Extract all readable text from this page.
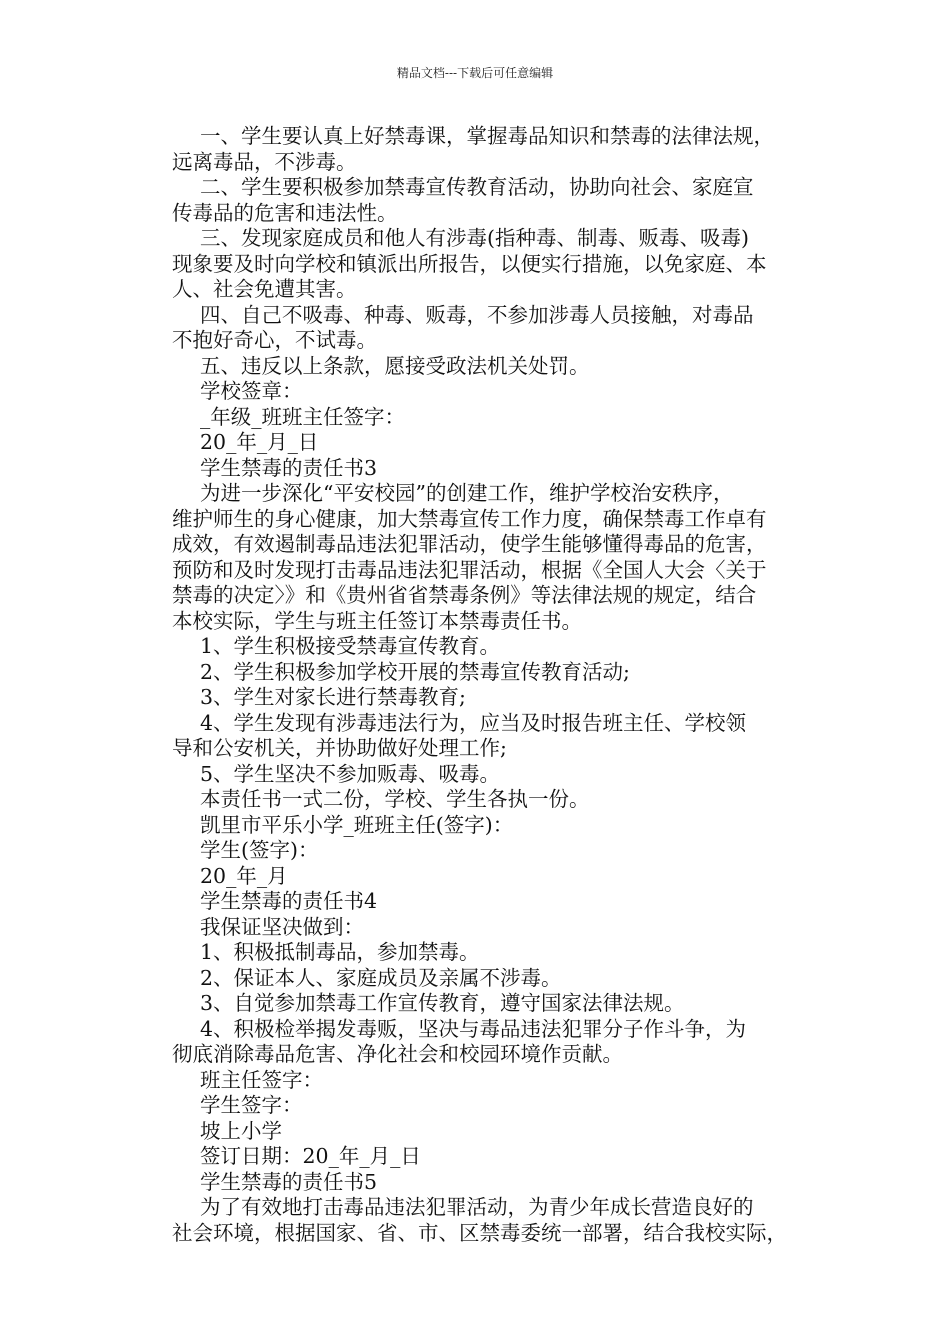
精品文档---下载后可任意编辑
一、学生要认真上好禁毒课，掌握毒品知识和禁毒的法律法规，
远离毒品，不涉毒。
二、学生要积极参加禁毒宣传教育活动，协助向社会、家庭宣
传毒品的危害和违法性。
三、发现家庭成员和他人有涉毒(指种毒、制毒、贩毒、吸毒)
现象要及时向学校和镇派出所报告，以便实行措施，以免家庭、本
人、社会免遭其害。
四、自己不吸毒、种毒、贩毒，不参加涉毒人员接触，对毒品
不抱好奇心，不试毒。
五、违反以上条款，愿接受政法机关处罚。
学校签章：
_年级_班班主任签字：
20_年_月_日
学生禁毒的责任书3
为进一步深化“平安校园”的创建工作，维护学校治安秩序，
维护师生的身心健康，加大禁毒宣传工作力度，确保禁毒工作卓有
成效，有效遏制毒品违法犯罪活动，使学生能够懂得毒品的危害，
预防和及时发现打击毒品违法犯罪活动，根据《全国人大会〈关于
禁毒的决定〉》和《贵州省省禁毒条例》等法律法规的规定，结合
本校实际，学生与班主任签订本禁毒责任书。
1、学生积极接受禁毒宣传教育。
2、学生积极参加学校开展的禁毒宣传教育活动;
3、学生对家长进行禁毒教育;
4、学生发现有涉毒违法行为，应当及时报告班主任、学校领
导和公安机关，并协助做好处理工作;
5、学生坚决不参加贩毒、吸毒。
本责任书一式二份，学校、学生各执一份。
凯里市平乐小学_班班主任(签字)：
学生(签字)：
20_年_月
学生禁毒的责任书4
我保证坚决做到：
1、积极抵制毒品，参加禁毒。
2、保证本人、家庭成员及亲属不涉毒。
3、自觉参加禁毒工作宣传教育，遵守国家法律法规。
4、积极检举揭发毒贩，坚决与毒品违法犯罪分子作斗争，为
彻底消除毒品危害、净化社会和校园环境作贡献。
班主任签字：
学生签字：
坡上小学
签订日期：20_年_月_日
学生禁毒的责任书5
为了有效地打击毒品违法犯罪活动，为青少年成长营造良好的
社会环境，根据国家、省、市、区禁毒委统一部署，结合我校实际，
